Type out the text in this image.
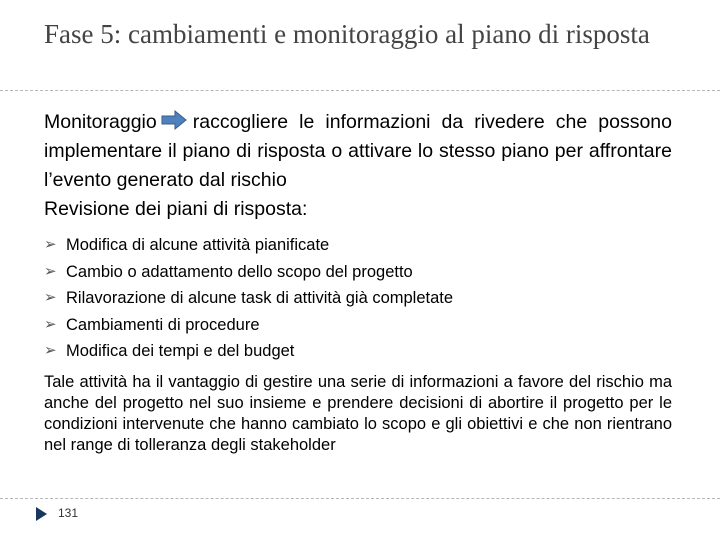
Fase 5: cambiamenti e monitoraggio al piano di risposta

Monitoraggio raccogliere le informazioni da rivedere che possono implementare il piano di risposta o attivare lo stesso piano per affrontare l’evento generato dal rischio

Revisione dei piani di risposta:

➢ Modifica di alcune attività pianificate
➢ Cambio o adattamento dello scopo del progetto
➢ Rilavorazione di alcune task di attività già completate
➢ Cambiamenti di procedure
➢ Modifica dei tempi e del budget

Tale attività ha il vantaggio di gestire una serie di informazioni a favore del rischio ma anche del progetto nel suo insieme e prendere decisioni di abortire il progetto per le condizioni intervenute che hanno cambiato lo scopo e gli obiettivi e che non rientrano nel range di tolleranza degli stakeholder

131
